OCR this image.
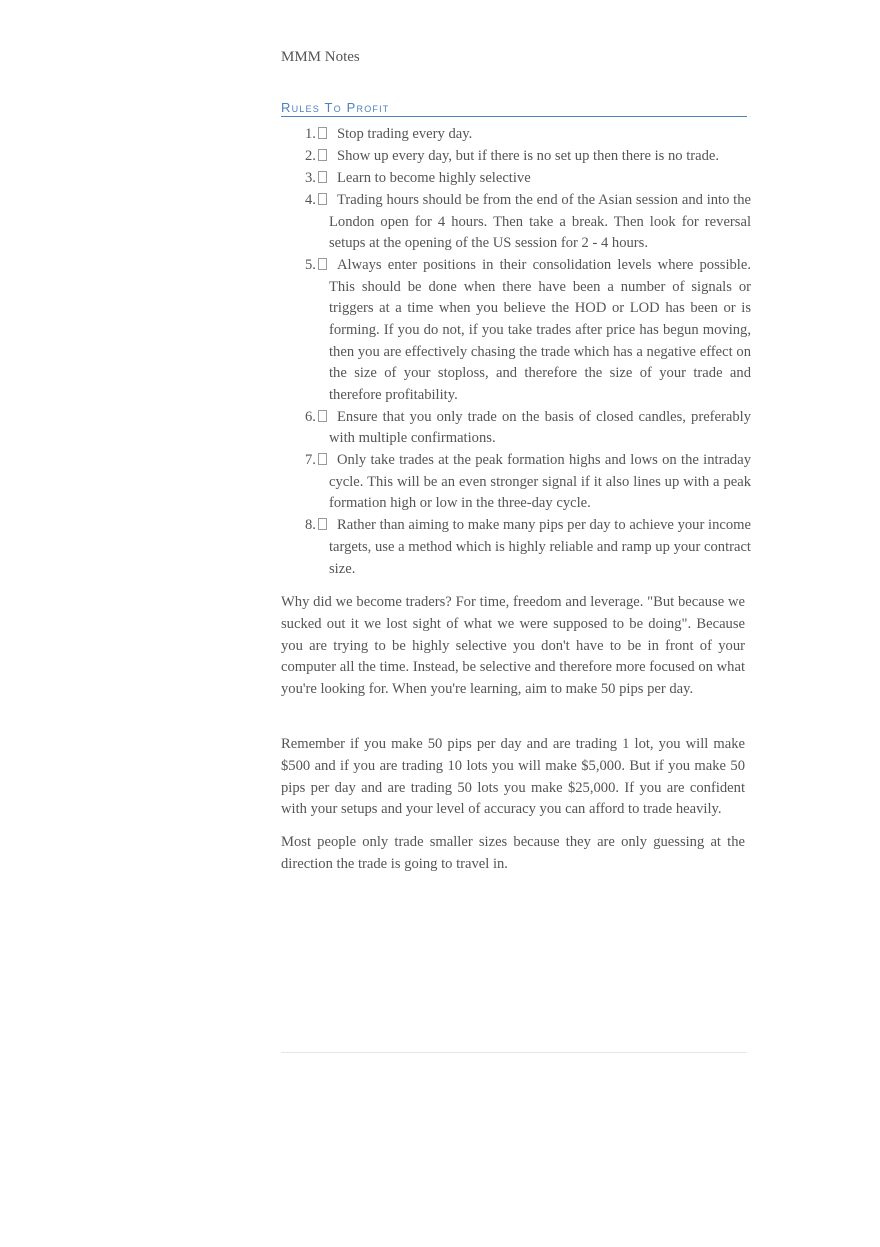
MMM Notes
Rules To Profit
1.	Stop trading every day.
2.	Show up every day, but if there is no set up then there is no trade.
3.	Learn to become highly selective
4.	Trading hours should be from the end of the Asian session and into the London open for 4 hours. Then take a break. Then look for reversal setups at the opening of the US session for 2 - 4 hours.
5.	Always enter positions in their consolidation levels where possible. This should be done when there have been a number of signals or triggers at a time when you believe the HOD or LOD has been or is forming. If you do not, if you take trades after price has begun moving, then you are effectively chasing the trade which has a negative effect on the size of your stoploss, and therefore the size of your trade and therefore profitability.
6.	Ensure that you only trade on the basis of closed candles, preferably with multiple confirmations.
7.	Only take trades at the peak formation highs and lows on the intraday cycle. This will be an even stronger signal if it also lines up with a peak formation high or low in the three-day cycle.
8.	Rather than aiming to make many pips per day to achieve your income targets, use a method which is highly reliable and ramp up your contract size.

Why did we become traders? For time, freedom and leverage. "But because we sucked out it we lost sight of what we were supposed to be doing". Because you are trying to be highly selective you don't have to be in front of your computer all the time. Instead, be selective and therefore more focused on what you're looking for. When you're learning, aim to make 50 pips per day.

Remember if you make 50 pips per day and are trading 1 lot, you will make $500 and if you are trading 10 lots you will make $5,000. But if you make 50 pips per day and are trading 50 lots you make $25,000. If you are confident with your setups and your level of accuracy you can afford to trade heavily.

Most people only trade smaller sizes because they are only guessing at the direction the trade is going to travel in.
